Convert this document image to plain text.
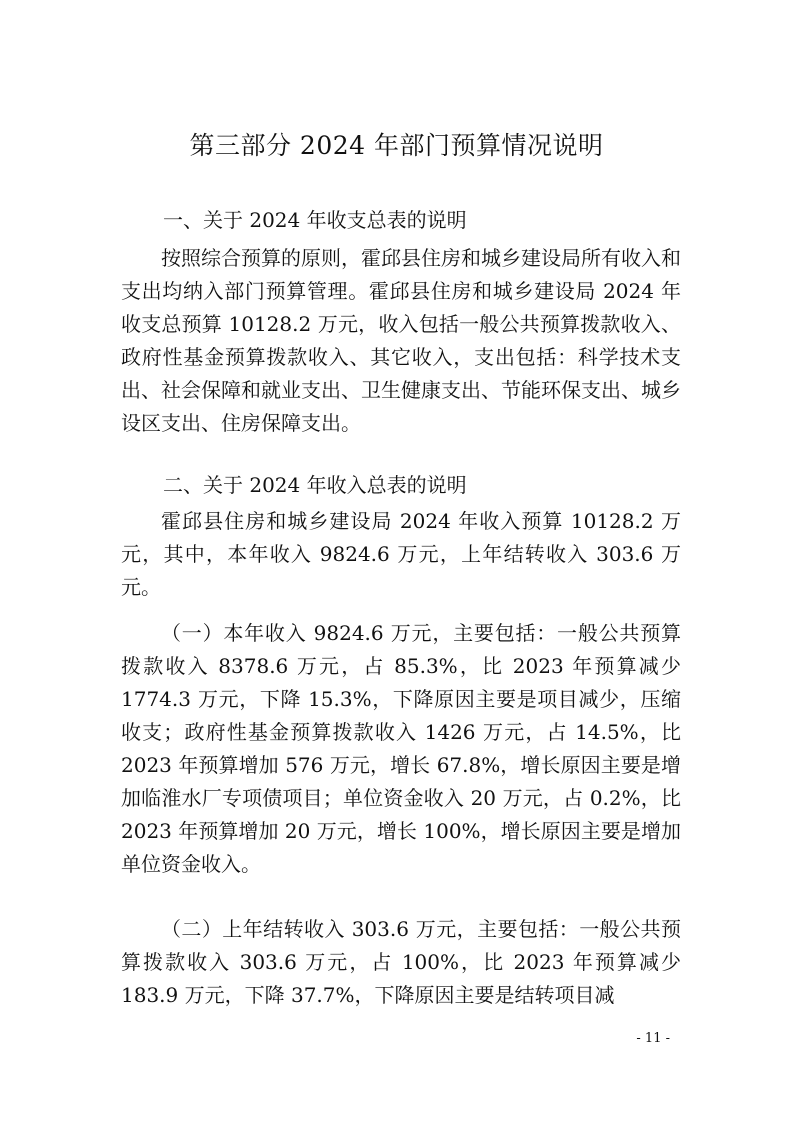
第三部分 2024 年部门预算情况说明
一、关于 2024 年收支总表的说明

按照综合预算的原则，霍邱县住房和城乡建设局所有收入和支出均纳入部门预算管理。霍邱县住房和城乡建设局 2024 年收支总预算 10128.2 万元，收入包括一般公共预算拨款收入、政府性基金预算拨款收入、其它收入，支出包括：科学技术支出、社会保障和就业支出、卫生健康支出、节能环保支出、城乡设区支出、住房保障支出。

二、关于 2024 年收入总表的说明

霍邱县住房和城乡建设局 2024 年收入预算 10128.2 万元，其中，本年收入 9824.6 万元，上年结转收入 303.6 万元。

（一）本年收入 9824.6 万元，主要包括：一般公共预算拨款收入 8378.6 万元，占 85.3%，比 2023 年预算减少 1774.3 万元，下降 15.3%，下降原因主要是项目减少，压缩收支；政府性基金预算拨款收入 1426 万元，占 14.5%，比 2023 年预算增加 576 万元，增长 67.8%，增长原因主要是增加临淮水厂专项债项目；单位资金收入 20 万元，占 0.2%，比 2023 年预算增加 20 万元，增长 100%，增长原因主要是增加单位资金收入。

（二）上年结转收入 303.6 万元，主要包括：一般公共预算拨款收入 303.6 万元，占 100%，比 2023 年预算减少 183.9 万元，下降 37.7%，下降原因主要是结转项目减

- 11 -
